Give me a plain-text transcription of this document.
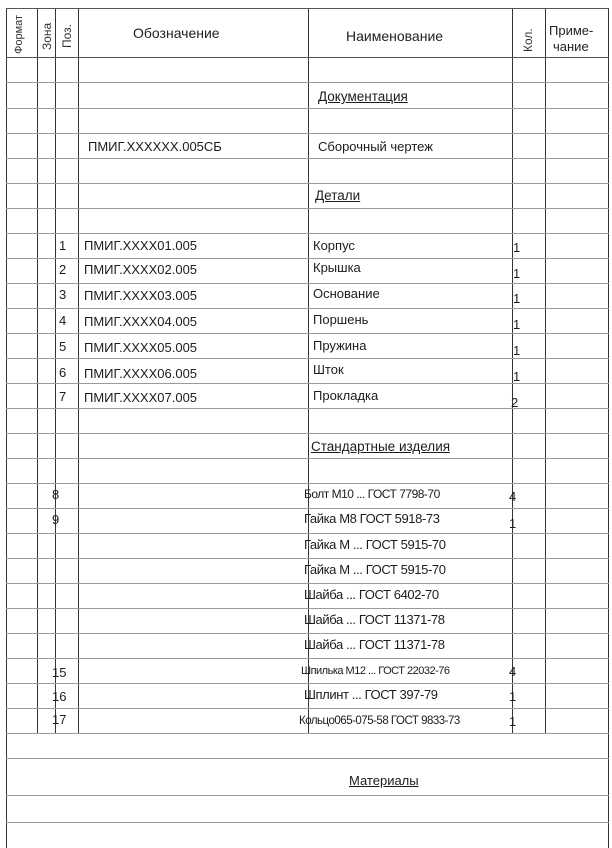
Формат Зона Поз.	Обозначение	Наименование	Кол. Приме-
чание
Документация
ПМИГ.XXXXXX.005СБ	Сборочный чертеж
Детали
1 ПМИГ.XXXX01.005	Корпус	1
2 ПМИГ.XXXX02.005	Крышка	1
3 ПМИГ.XXXX03.005	Основание	1
4 ПМИГ.XXXX04.005	Поршень	1
5 ПМИГ.XXXX05.005	Пружина	1
6 ПМИГ.XXXX06.005	Шток	1
7 ПМИГ.XXXX07.005	Прокладка	2
Стандартные изделия
8	Болт М10 ... ГОСТ 7798-70	4
9	Гайка М8 ГОСТ 5918-73	1
Гайка М ... ГОСТ 5915-70
Гайка М ... ГОСТ 5915-70
Шайба ... ГОСТ 6402-70
Шайба ... ГОСТ 11371-78
Шайба ... ГОСТ 11371-78
15	Шпилька М12 ... ГОСТ 22032-76	4
16	Шплинт ... ГОСТ 397-79	1
17	Кольцо065-075-58 ГОСТ 9833-73	1
Материалы
